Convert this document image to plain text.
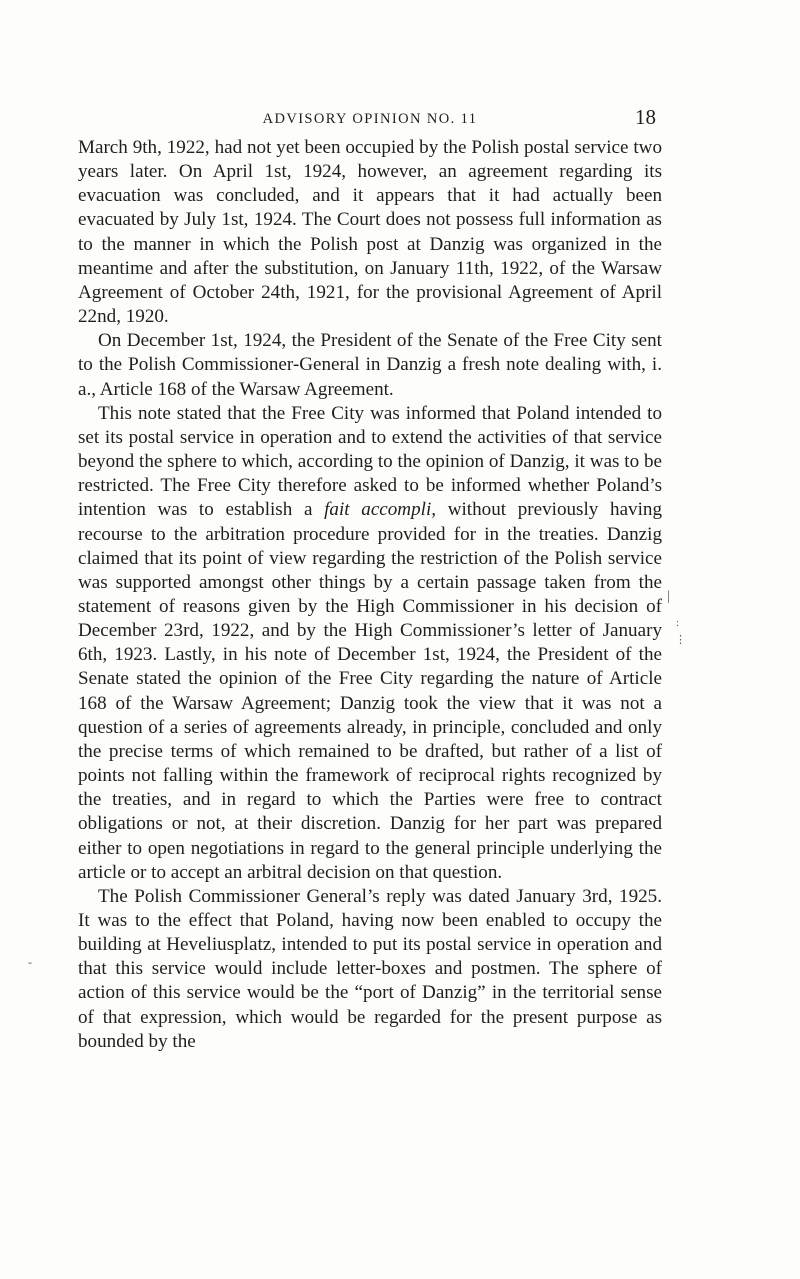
ADVISORY OPINION NO. 11	18

March 9th, 1922, had not yet been occupied by the Polish postal service two years later. On April 1st, 1924, however, an agreement regarding its evacuation was concluded, and it appears that it had actually been evacuated by July 1st, 1924. The Court does not possess full information as to the manner in which the Polish post at Danzig was organized in the meantime and after the substitution, on January 11th, 1922, of the Warsaw Agreement of October 24th, 1921, for the provisional Agreement of April 22nd, 1920.

On December 1st, 1924, the President of the Senate of the Free City sent to the Polish Commissioner-General in Danzig a fresh note dealing with, i. a., Article 168 of the Warsaw Agreement.

This note stated that the Free City was informed that Poland intended to set its postal service in operation and to extend the activities of that service beyond the sphere to which, according to the opinion of Danzig, it was to be restricted. The Free City therefore asked to be informed whether Poland’s intention was to establish a fait accompli, without previously having recourse to the arbitration procedure provided for in the treaties. Danzig claimed that its point of view regarding the restriction of the Polish service was supported amongst other things by a certain passage taken from the statement of reasons given by the High Commissioner in his decision of December 23rd, 1922, and by the High Commissioner’s letter of January 6th, 1923. Lastly, in his note of December 1st, 1924, the President of the Senate stated the opinion of the Free City regarding the nature of Article 168 of the Warsaw Agreement; Danzig took the view that it was not a question of a series of agreements already, in principle, concluded and only the precise terms of which remained to be drafted, but rather of a list of points not falling within the framework of reciprocal rights recognized by the treaties, and in regard to which the Parties were free to contract obligations or not, at their discretion. Danzig for her part was prepared either to open negotiations in regard to the general principle underlying the article or to accept an arbitral decision on that question.

The Polish Commissioner General’s reply was dated January 3rd, 1925. It was to the effect that Poland, having now been enabled to occupy the building at Heveliusplatz, intended to put its postal service in operation and that this service would include letter-boxes and postmen. The sphere of action of this service would be the “port of Danzig” in the territorial sense of that expression, which would be regarded for the present purpose as bounded by the

-
|
:
⋮
